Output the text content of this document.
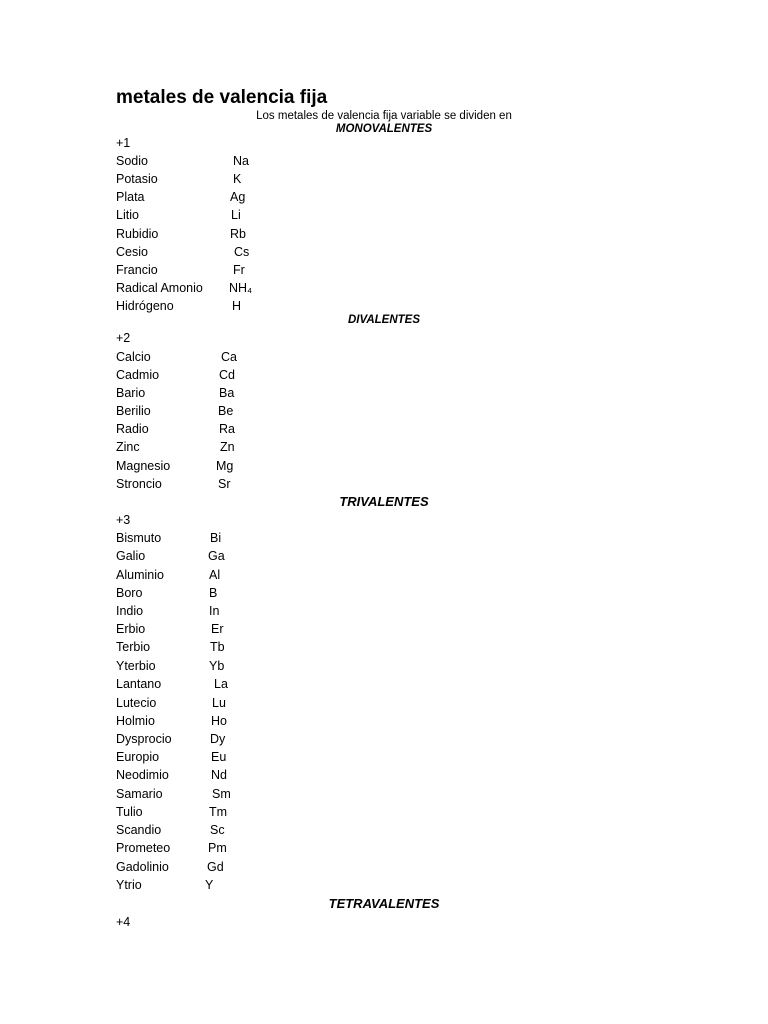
metales de valencia fija
Los metales de valencia fija variable se dividen en
MONOVALENTES
+1
Sodio	Na
Potasio	K
Plata	Ag
Litio	Li
Rubidio	Rb
Cesio	Cs
Francio	Fr
Radical Amonio NH₄
Hidrógeno	H
DIVALENTES
+2
Calcio	Ca
Cadmio	Cd
Bario	Ba
Berilio	Be
Radio	Ra
Zinc	Zn
Magnesio	Mg
Stroncio	Sr
TRIVALENTES
+3
Bismuto	Bi
Galio	Ga
Aluminio	Al
Boro	B
Indio	In
Erbio	Er
Terbio	Tb
Yterbio	Yb
Lantano	La
Lutecio	Lu
Holmio	Ho
Dysprocio	Dy
Europio	Eu
Neodimio	Nd
Samario	Sm
Tulio	Tm
Scandio	Sc
Prometeo	Pm
Gadolinio	Gd
Ytrio	Y
TETRAVALENTES
+4
